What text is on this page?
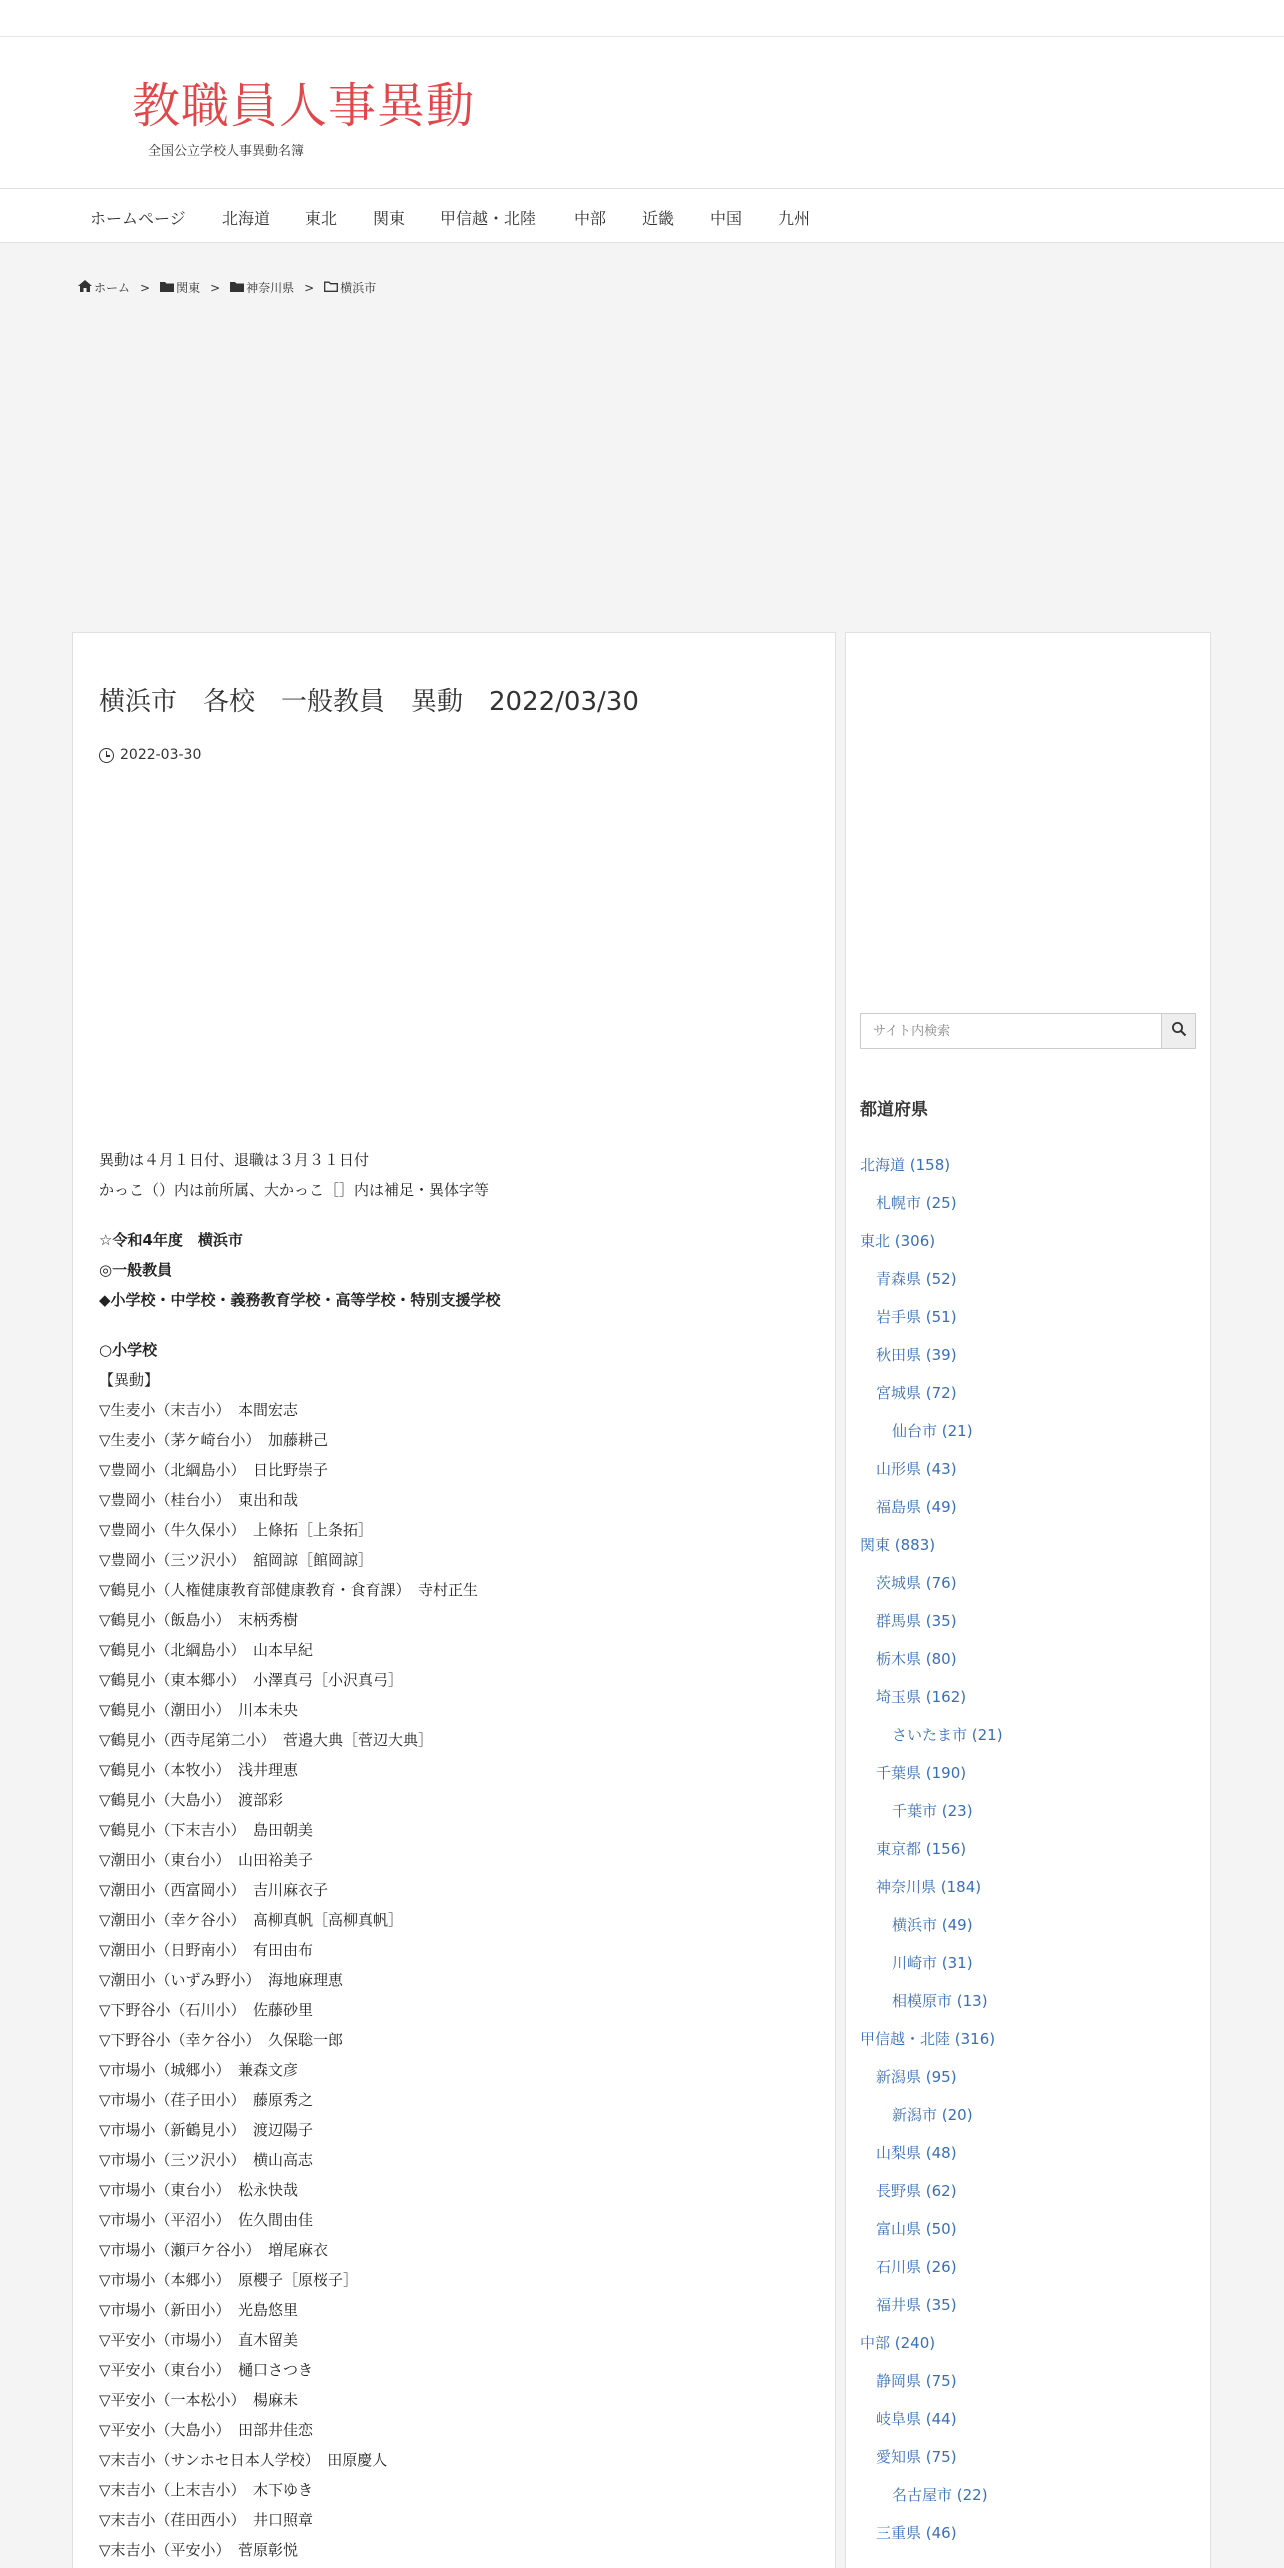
教職員人事異動
全国公立学校人事異動名簿
ホームページ 北海道 東北 関東 甲信越・北陸 中部 近畿 中国 九州
ホーム > 関東 > 神奈川県 > 横浜市
横浜市　各校　一般教員　異動　2022/03/30
2022-03-30
異動は４月１日付、退職は３月３１日付
かっこ（）内は前所属、大かっこ［］内は補足・異体字等
☆令和4年度　横浜市
◎一般教員
◆小学校・中学校・義務教育学校・高等学校・特別支援学校
○小学校
【異動】
▽生麦小（末吉小）　本間宏志
▽生麦小（茅ケ崎台小）　加藤耕己
▽豊岡小（北綱島小）　日比野崇子
▽豊岡小（桂台小）　東出和哉
▽豊岡小（牛久保小）　上條拓［上条拓］
▽豊岡小（三ツ沢小）　舘岡諒［館岡諒］
▽鶴見小（人権健康教育部健康教育・食育課）　寺村正生
▽鶴見小（飯島小）　末柄秀樹
▽鶴見小（北綱島小）　山本早紀
▽鶴見小（東本郷小）　小澤真弓［小沢真弓］
▽鶴見小（潮田小）　川本未央
▽鶴見小（西寺尾第二小）　菅邉大典［菅辺大典］
▽鶴見小（本牧小）　浅井理恵
▽鶴見小（大島小）　渡部彩
▽鶴見小（下末吉小）　島田朝美
▽潮田小（東台小）　山田裕美子
▽潮田小（西富岡小）　吉川麻衣子
▽潮田小（幸ケ谷小）　髙柳真帆［高柳真帆］
▽潮田小（日野南小）　有田由布
▽潮田小（いずみ野小）　海地麻理恵
▽下野谷小（石川小）　佐藤砂里
▽下野谷小（幸ケ谷小）　久保聡一郎
▽市場小（城郷小）　兼森文彦
▽市場小（荏子田小）　藤原秀之
▽市場小（新鶴見小）　渡辺陽子
▽市場小（三ツ沢小）　横山高志
▽市場小（東台小）　松永快哉
▽市場小（平沼小）　佐久間由佳
▽市場小（瀬戸ケ谷小）　増尾麻衣
▽市場小（本郷小）　原櫻子［原桜子］
▽市場小（新田小）　光島悠里
▽平安小（市場小）　直木留美
▽平安小（東台小）　樋口さつき
▽平安小（一本松小）　楊麻未
▽平安小（大島小）　田部井佳恋
▽末吉小（サンホセ日本人学校）　田原慶人
▽末吉小（上末吉小）　木下ゆき
▽末吉小（荏田西小）　井口照章
▽末吉小（平安小）　菅原彰悦
サイト内検索
都道府県
北海道 (158)
札幌市 (25)
東北 (306)
青森県 (52)
岩手県 (51)
秋田県 (39)
宮城県 (72)
仙台市 (21)
山形県 (43)
福島県 (49)
関東 (883)
茨城県 (76)
群馬県 (35)
栃木県 (80)
埼玉県 (162)
さいたま市 (21)
千葉県 (190)
千葉市 (23)
東京都 (156)
神奈川県 (184)
横浜市 (49)
川崎市 (31)
相模原市 (13)
甲信越・北陸 (316)
新潟県 (95)
新潟市 (20)
山梨県 (48)
長野県 (62)
富山県 (50)
石川県 (26)
福井県 (35)
中部 (240)
静岡県 (75)
岐阜県 (44)
愛知県 (75)
名古屋市 (22)
三重県 (46)
